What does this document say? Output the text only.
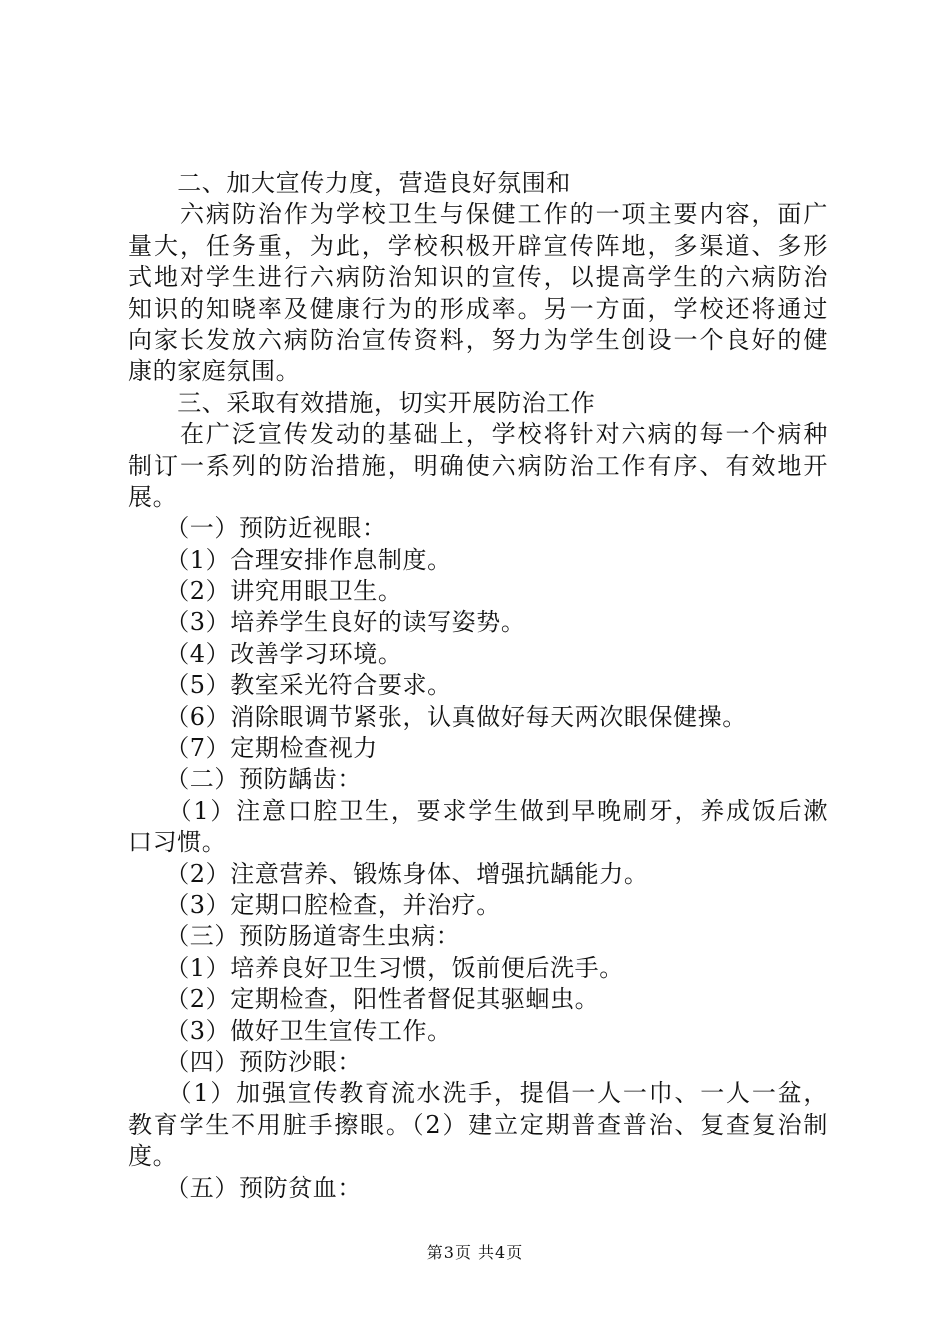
　　二、加大宣传力度，营造良好氛围和
　　六病防治作为学校卫生与保健工作的一项主要内容，面广
量大，任务重，为此，学校积极开辟宣传阵地，多渠道、多形
式地对学生进行六病防治知识的宣传，以提高学生的六病防治
知识的知晓率及健康行为的形成率。另一方面，学校还将通过
向家长发放六病防治宣传资料，努力为学生创设一个良好的健
康的家庭氛围。
　　三、采取有效措施，切实开展防治工作
　　在广泛宣传发动的基础上，学校将针对六病的每一个病种
制订一系列的防治措施，明确使六病防治工作有序、有效地开
展。
　　（一）预防近视眼：
　　（1）合理安排作息制度。
　　（2）讲究用眼卫生。
　　（3）培养学生良好的读写姿势。
　　（4）改善学习环境。
　　（5）教室采光符合要求。
　　（6）消除眼调节紧张，认真做好每天两次眼保健操。
　　（7）定期检查视力
　　（二）预防龋齿：
　　（1）注意口腔卫生，要求学生做到早晚刷牙，养成饭后漱
口习惯。
　　（2）注意营养、锻炼身体、增强抗龋能力。
　　（3）定期口腔检查，并治疗。
　　（三）预防肠道寄生虫病：
　　（1）培养良好卫生习惯，饭前便后洗手。
　　（2）定期检查，阳性者督促其驱蛔虫。
　　（3）做好卫生宣传工作。
　　（四）预防沙眼：
　　（1）加强宣传教育流水洗手，提倡一人一巾、一人一盆，
教育学生不用脏手擦眼。（2）建立定期普查普治、复查复治制
度。
　　（五）预防贫血：
第3页 共4页
